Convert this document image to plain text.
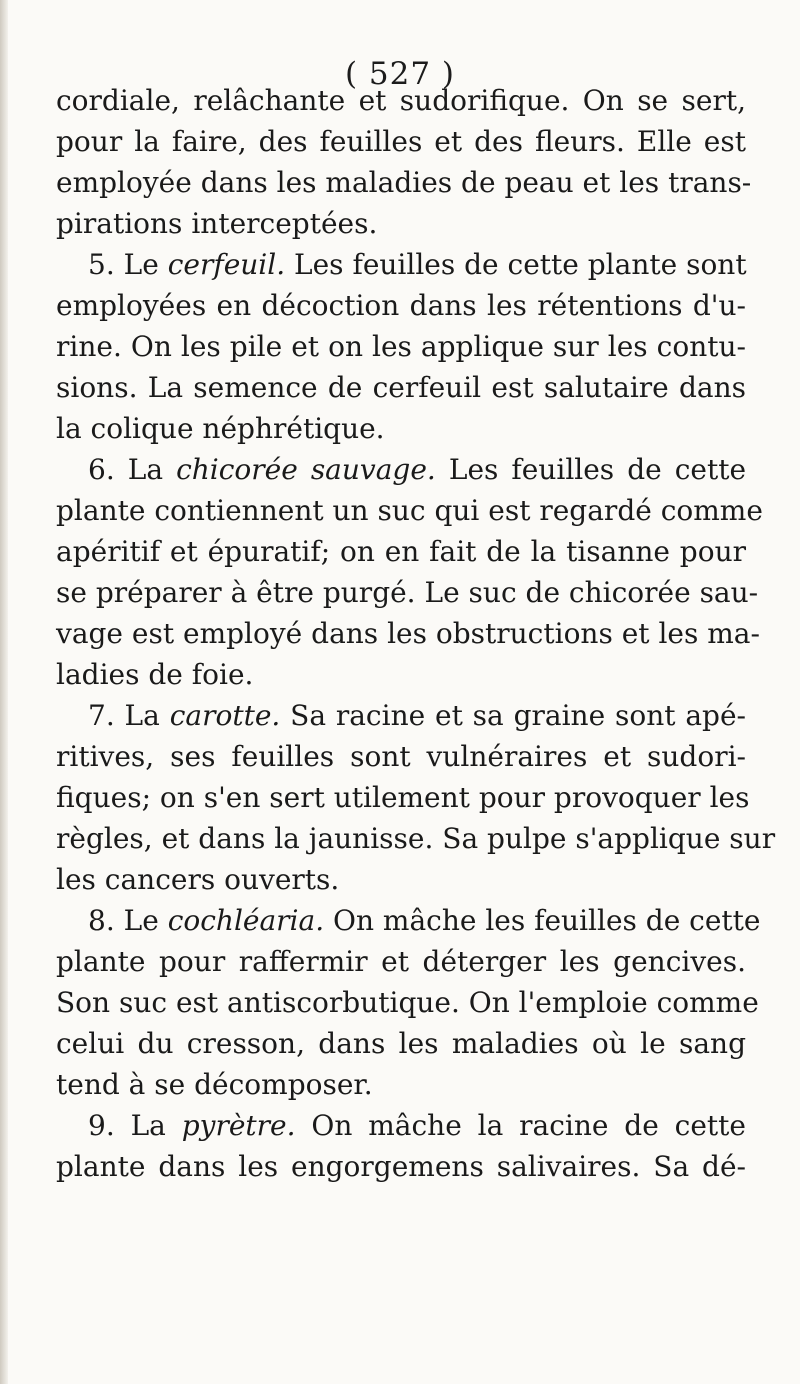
( 527 )
cordiale, relâchante et sudorifique. On se sert,
pour la faire, des feuilles et des fleurs. Elle est
employée dans les maladies de peau et les trans-
pirations interceptées.
5. Le cerfeuil. Les feuilles de cette plante sont
employées en décoction dans les rétentions d'u-
rine. On les pile et on les applique sur les contu-
sions. La semence de cerfeuil est salutaire dans
la colique néphrétique.
6. La chicorée sauvage. Les feuilles de cette
plante contiennent un suc qui est regardé comme
apéritif et épuratif; on en fait de la tisanne pour
se préparer à être purgé. Le suc de chicorée sau-
vage est employé dans les obstructions et les ma-
ladies de foie.
7. La carotte. Sa racine et sa graine sont apé-
ritives, ses feuilles sont vulnéraires et sudori-
fiques; on s'en sert utilement pour provoquer les
règles, et dans la jaunisse. Sa pulpe s'applique sur
les cancers ouverts.
8. Le cochléaria. On mâche les feuilles de cette
plante pour raffermir et déterger les gencives.
Son suc est antiscorbutique. On l'emploie comme
celui du cresson, dans les maladies où le sang
tend à se décomposer.
9. La pyrètre. On mâche la racine de cette
plante dans les engorgemens salivaires. Sa dé-
